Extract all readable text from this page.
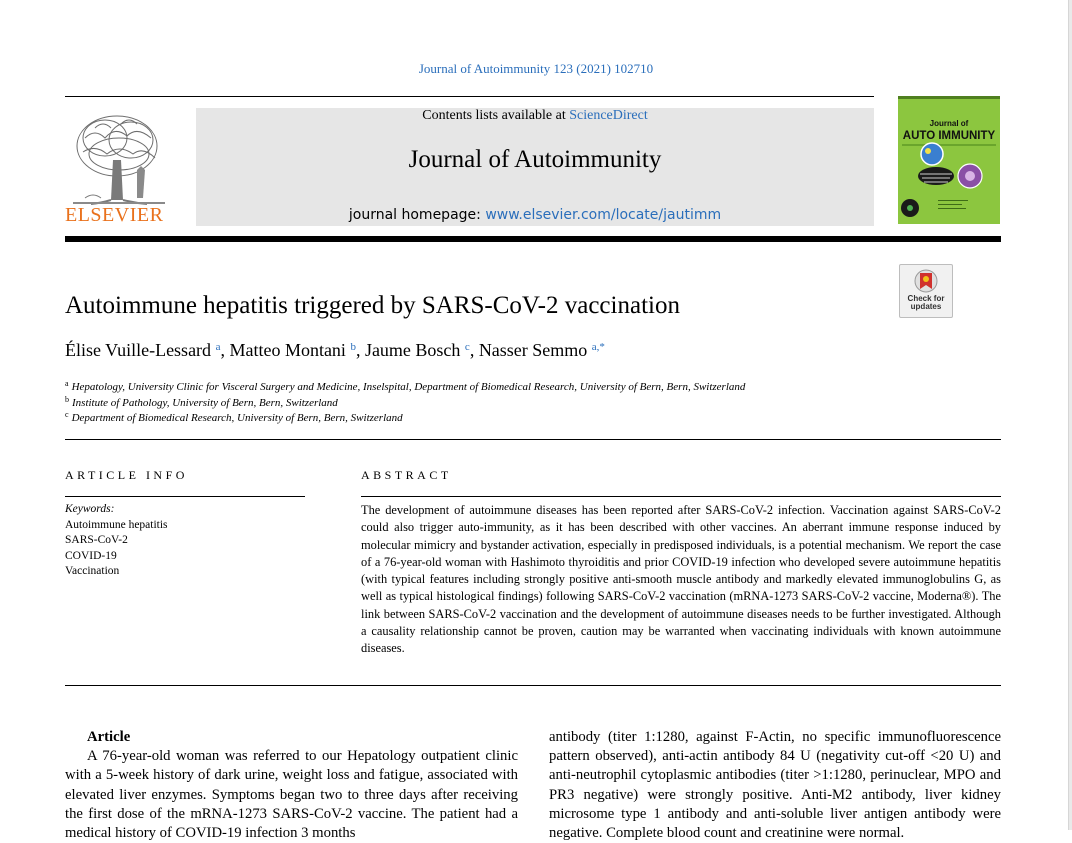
Journal of Autoimmunity 123 (2021) 102710
ELSEVIER
Contents lists available at ScienceDirect
Journal of Autoimmunity
journal homepage: www.elsevier.com/locate/jautimm
Journal of
AUTO IMMUNITY
Check for
updates
Autoimmune hepatitis triggered by SARS-CoV-2 vaccination
Élise Vuille-Lessard $^a$, Matteo Montani $^b$, Jaume Bosch $^c$, Nasser Semmo $^{a,*}$
$^a$ Hepatology, University Clinic for Visceral Surgery and Medicine, Inselspital, Department of Biomedical Research, University of Bern, Bern, Switzerland
$^b$ Institute of Pathology, University of Bern, Bern, Switzerland
$^c$ Department of Biomedical Research, University of Bern, Bern, Switzerland
ARTICLE INFO
Keywords:
Autoimmune hepatitis
SARS-CoV-2
COVID-19
Vaccination
ABSTRACT
The development of autoimmune diseases has been reported after SARS-CoV-2 infection. Vaccination against SARS-CoV-2 could also trigger auto-immunity, as it has been described with other vaccines. An aberrant immune response induced by molecular mimicry and bystander activation, especially in predisposed individuals, is a potential mechanism. We report the case of a 76-year-old woman with Hashimoto thyroiditis and prior COVID-19 infection who developed severe autoimmune hepatitis (with typical features including strongly positive anti-smooth muscle antibody and markedly elevated immunoglobulins G, as well as typical histological findings) following SARS-CoV-2 vaccination (mRNA-1273 SARS-CoV-2 vaccine, Moderna®). The link between SARS-CoV-2 vaccination and the development of autoimmune diseases needs to be further investigated. Although a causality relationship cannot be proven, caution may be warranted when vaccinating individuals with known autoimmune diseases.
Article
A 76-year-old woman was referred to our Hepatology outpatient clinic with a 5-week history of dark urine, weight loss and fatigue, associated with elevated liver enzymes. Symptoms began two to three days after receiving the first dose of the mRNA-1273 SARS-CoV-2 vaccine. The patient had a medical history of COVID-19 infection 3 months
antibody (titer 1:1280, against F-Actin, no specific immunofluorescence pattern observed), anti-actin antibody 84 U (negativity cut-off <20 U) and anti-neutrophil cytoplasmic antibodies (titer >1:1280, perinuclear, MPO and PR3 negative) were strongly positive. Anti-M2 antibody, liver kidney microsome type 1 antibody and anti-soluble liver antigen antibody were negative. Complete blood count and creatinine were normal.
